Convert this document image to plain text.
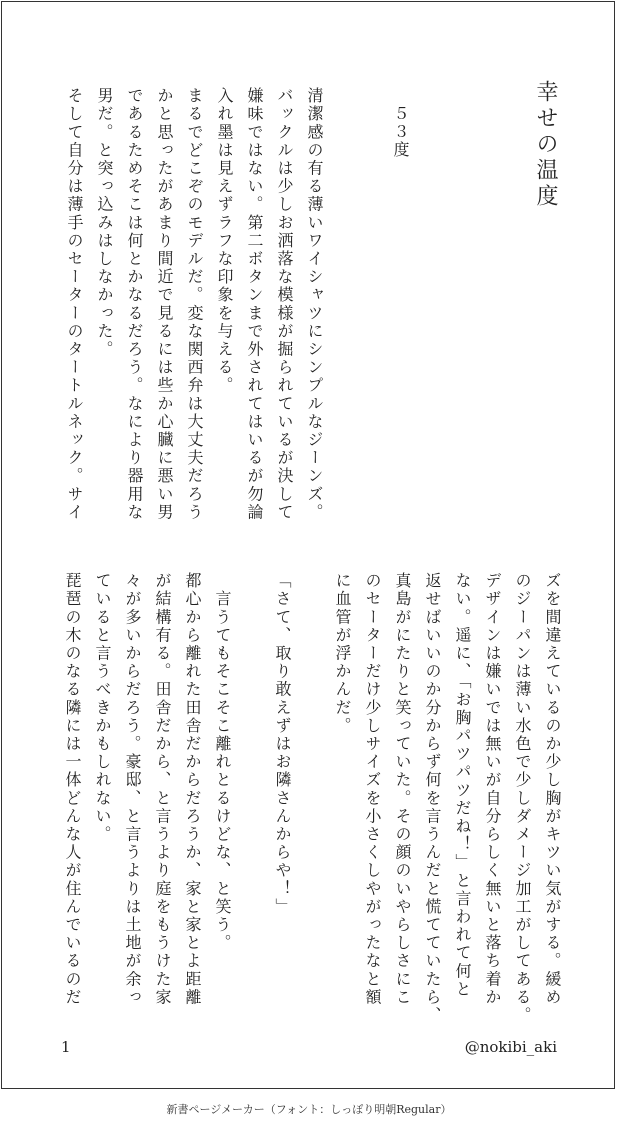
幸せの温度
５３度
清潔感の有る薄いワイシャツにシンプルなジーンズ。
バックルは少しお洒落な模様が掘られているが決して
嫌味ではない。第二ボタンまで外されてはいるが勿論
入れ墨は見えずラフな印象を与える。
まるでどこぞのモデルだ。変な関西弁は大丈夫だろう
かと思ったがあまり間近で見るには些か心臓に悪い男
であるためそこは何とかなるだろう。なにより器用な
男だ。と突っ込みはしなかった。
そして自分は薄手のセーターのタートルネック。サイ
ズを間違えているのか少し胸がキツい気がする。緩め
のジーパンは薄い水色で少しダメージ加工がしてある。
デザインは嫌いでは無いが自分らしく無いと落ち着か
ない。遥に、「お胸パツパツだね！」と言われて何と
返せばいいのか分からず何を言うんだと慌てていたら、
真島がにたりと笑っていた。その顔のいやらしさにこ
のセーターだけ少しサイズを小さくしやがったなと額
に血管が浮かんだ。

「さて、取り敢えずはお隣さんからや！」

　言うてもそこそこ離れとるけどな、と笑う。
都心から離れた田舎だからだろうか、家と家とよ距離
が結構有る。田舎だから、と言うより庭をもうけた家
々が多いからだろう。豪邸、と言うよりは土地が余っ
ていると言うべきかもしれない。
琵琶の木のなる隣には一体どんな人が住んでいるのだ
1	@nokibi_aki
新書ページメーカー（フォント：しっぽり明朝Regular）
